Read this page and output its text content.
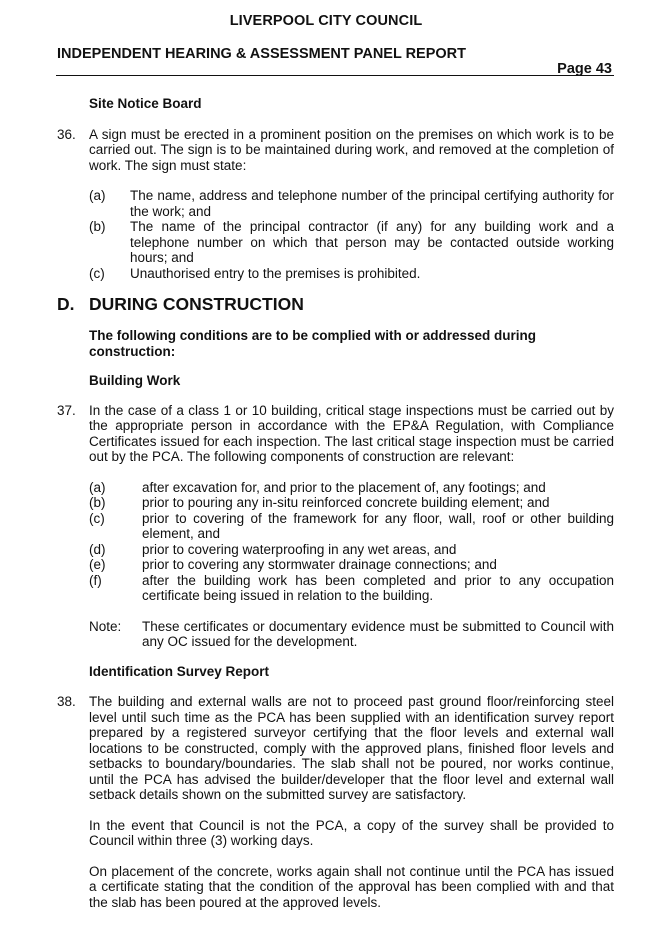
LIVERPOOL CITY COUNCIL
INDEPENDENT HEARING & ASSESSMENT PANEL REPORT
Page 43
Site Notice Board
36. A sign must be erected in a prominent position on the premises on which work is to be carried out. The sign is to be maintained during work, and removed at the completion of work. The sign must state:
(a)	The name, address and telephone number of the principal certifying authority for the work; and
(b)	The name of the principal contractor (if any) for any building work and a telephone number on which that person may be contacted outside working hours; and
(c)	Unauthorised entry to the premises is prohibited.
D. DURING CONSTRUCTION
The following conditions are to be complied with or addressed during construction:
Building Work
37. In the case of a class 1 or 10 building, critical stage inspections must be carried out by the appropriate person in accordance with the EP&A Regulation, with Compliance Certificates issued for each inspection. The last critical stage inspection must be carried out by the PCA. The following components of construction are relevant:
(a)	after excavation for, and prior to the placement of, any footings; and
(b)	prior to pouring any in-situ reinforced concrete building element; and
(c)	prior to covering of the framework for any floor, wall, roof or other building element, and
(d)	prior to covering waterproofing in any wet areas, and
(e)	prior to covering any stormwater drainage connections; and
(f)	after the building work has been completed and prior to any occupation certificate being issued in relation to the building.
Note:	These certificates or documentary evidence must be submitted to Council with any OC issued for the development.
Identification Survey Report
38. The building and external walls are not to proceed past ground floor/reinforcing steel level until such time as the PCA has been supplied with an identification survey report prepared by a registered surveyor certifying that the floor levels and external wall locations to be constructed, comply with the approved plans, finished floor levels and setbacks to boundary/boundaries. The slab shall not be poured, nor works continue, until the PCA has advised the builder/developer that the floor level and external wall setback details shown on the submitted survey are satisfactory.
In the event that Council is not the PCA, a copy of the survey shall be provided to Council within three (3) working days.
On placement of the concrete, works again shall not continue until the PCA has issued a certificate stating that the condition of the approval has been complied with and that the slab has been poured at the approved levels.
